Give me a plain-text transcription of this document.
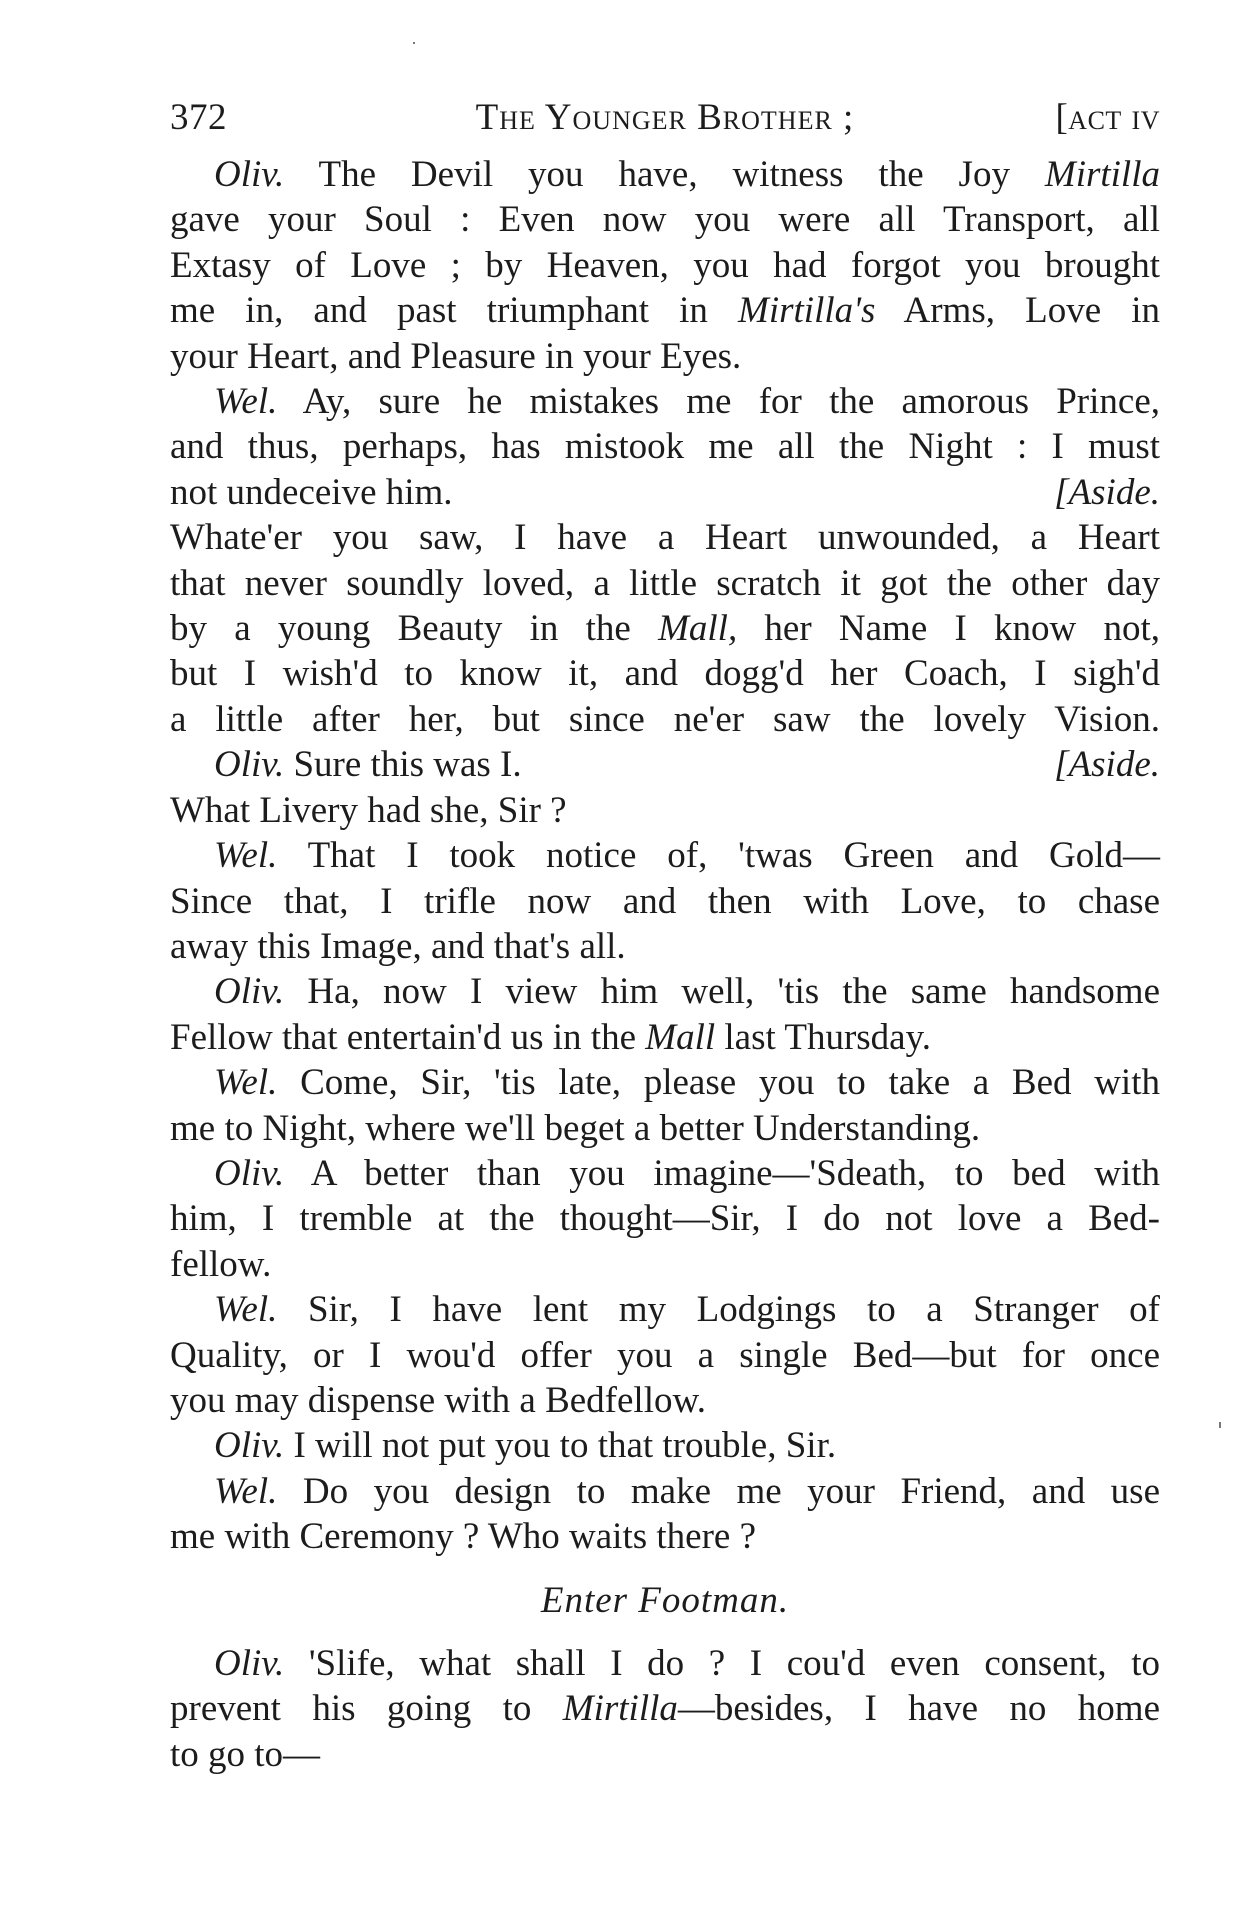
372	The Younger Brother ;	[act iv
Oliv. The Devil you have, witness the Joy Mirtilla
gave your Soul : Even now you were all Transport, all
Extasy of Love ; by Heaven, you had forgot you brought
me in, and past triumphant in Mirtilla's Arms, Love in
your Heart, and Pleasure in your Eyes.
Wel. Ay, sure he mistakes me for the amorous Prince,
and thus, perhaps, has mistook me all the Night : I must
not undeceive him.	[Aside.
Whate'er you saw, I have a Heart unwounded, a Heart
that never soundly loved, a little scratch it got the other day
by a young Beauty in the Mall, her Name I know not,
but I wish'd to know it, and dogg'd her Coach, I sigh'd
a little after her, but since ne'er saw the lovely Vision.
Oliv. Sure this was I.	[Aside.
What Livery had she, Sir ?
Wel. That I took notice of, 'twas Green and Gold—
Since that, I trifle now and then with Love, to chase
away this Image, and that's all.
Oliv. Ha, now I view him well, 'tis the same handsome
Fellow that entertain'd us in the Mall last Thursday.
Wel. Come, Sir, 'tis late, please you to take a Bed with
me to Night, where we'll beget a better Understanding.
Oliv. A better than you imagine—'Sdeath, to bed with
him, I tremble at the thought—Sir, I do not love a Bed-
fellow.
Wel. Sir, I have lent my Lodgings to a Stranger of
Quality, or I wou'd offer you a single Bed—but for once
you may dispense with a Bedfellow.
Oliv. I will not put you to that trouble, Sir.
Wel. Do you design to make me your Friend, and use
me with Ceremony ? Who waits there ?
Enter Footman.
Oliv. 'Slife, what shall I do ? I cou'd even consent, to
prevent his going to Mirtilla—besides, I have no home
to go to—
